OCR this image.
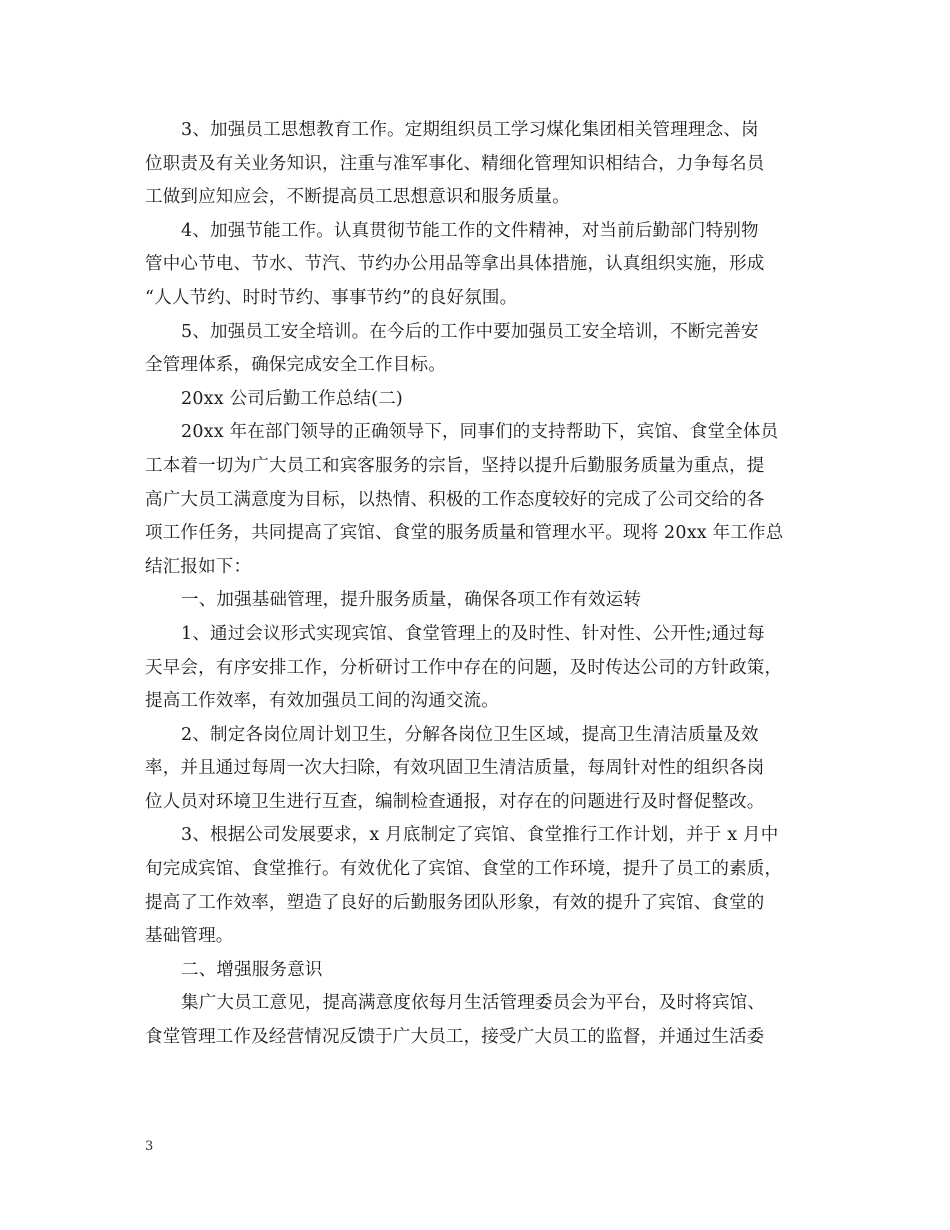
3、加强员工思想教育工作。定期组织员工学习煤化集团相关管理理念、岗
位职责及有关业务知识，注重与准军事化、精细化管理知识相结合，力争每名员
工做到应知应会，不断提高员工思想意识和服务质量。
4、加强节能工作。认真贯彻节能工作的文件精神，对当前后勤部门特别物
管中心节电、节水、节汽、节约办公用品等拿出具体措施，认真组织实施，形成
“人人节约、时时节约、事事节约”的良好氛围。
5、加强员工安全培训。在今后的工作中要加强员工安全培训，不断完善安
全管理体系，确保完成安全工作目标。
20xx 公司后勤工作总结(二)
20xx 年在部门领导的正确领导下，同事们的支持帮助下，宾馆、食堂全体员
工本着一切为广大员工和宾客服务的宗旨，坚持以提升后勤服务质量为重点，提
高广大员工满意度为目标，以热情、积极的工作态度较好的完成了公司交给的各
项工作任务，共同提高了宾馆、食堂的服务质量和管理水平。现将 20xx 年工作总
结汇报如下：
一、加强基础管理，提升服务质量，确保各项工作有效运转
1、通过会议形式实现宾馆、食堂管理上的及时性、针对性、公开性;通过每
天早会，有序安排工作，分析研讨工作中存在的问题，及时传达公司的方针政策，
提高工作效率，有效加强员工间的沟通交流。
2、制定各岗位周计划卫生，分解各岗位卫生区域，提高卫生清洁质量及效
率，并且通过每周一次大扫除，有效巩固卫生清洁质量，每周针对性的组织各岗
位人员对环境卫生进行互查，编制检查通报，对存在的问题进行及时督促整改。
3、根据公司发展要求，x 月底制定了宾馆、食堂推行工作计划，并于 x 月中
旬完成宾馆、食堂推行。有效优化了宾馆、食堂的工作环境，提升了员工的素质，
提高了工作效率，塑造了良好的后勤服务团队形象，有效的提升了宾馆、食堂的
基础管理。
二、增强服务意识
集广大员工意见，提高满意度依每月生活管理委员会为平台，及时将宾馆、
食堂管理工作及经营情况反馈于广大员工，接受广大员工的监督，并通过生活委
3
